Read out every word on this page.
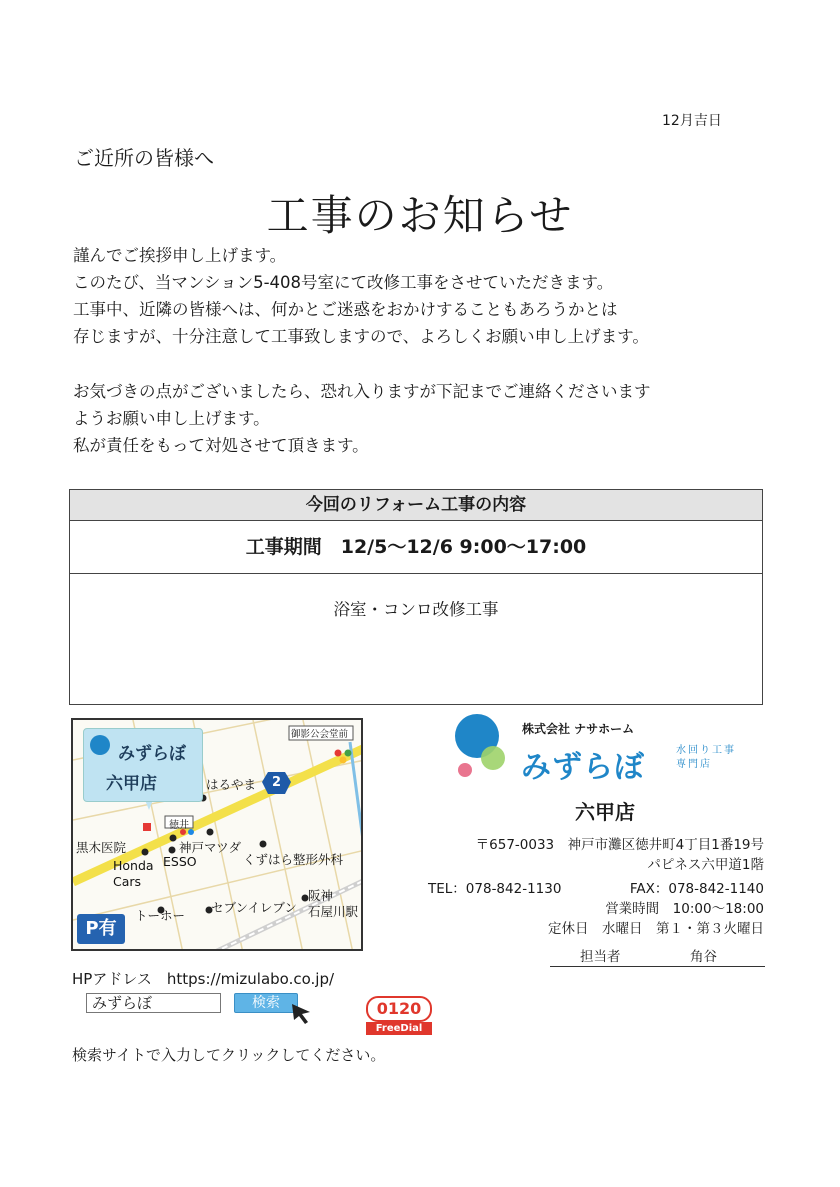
12月吉日
ご近所の皆様へ
工事のお知らせ
謹んでご挨拶申し上げます。
このたび、当マンション5-408号室にて改修工事をさせていただきます。
工事中、近隣の皆様へは、何かとご迷惑をおかけすることもあろうかとは
存じますが、十分注意して工事致しますので、よろしくお願い申し上げます。
お気づきの点がございましたら、恐れ入りますが下記までご連絡くださいます
ようお願い申し上げます。
私が責任をもって対処させて頂きます。
今回のリフォーム工事の内容
工事期間　12/5〜12/6 9:00〜17:00
浴室・コンロ改修工事
みずらぼ
六甲店
御影公会堂前
2
はるやま
徳井
黒木医院	神戸マツダ
Honda
Cars
ESSO	くずはら整形外科
トーホー
セブンイレブン
阪神
石屋川駅
P有
株式会社 ナサホーム
みずらぼ	水回り工事
専門店
六甲店
〒657-0033　神戸市灘区徳井町4丁目1番19号
パピネス六甲道1階
TEL：078-842-1130	FAX：078-842-1140
営業時間　10:00〜18:00
定休日　水曜日　第１・第３火曜日
担当者	角谷
HPアドレス　https://mizulabo.co.jp/
みずらぼ	検索	0120
FreeDial
検索サイトで入力してクリックしてください。
